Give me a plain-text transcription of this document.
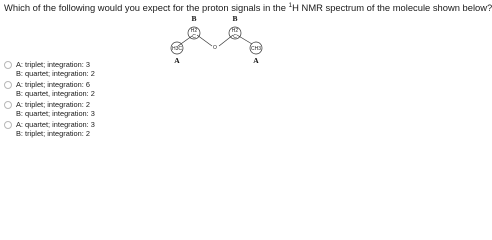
Which of the following would you expect for the proton signals in the $^1$H NMR spectrum of the molecule shown below?
B	B
A	A
H3C
H2
C
O
H2
C
CH3
A: triplet; integration: 3
B: quartet; integration: 2
A: triplet; integration: 6
B: quartet, integration: 2
A: triplet; integration: 2
B: quartet; integration: 3
A: quartet; integration: 3
B: triplet; integration: 2
